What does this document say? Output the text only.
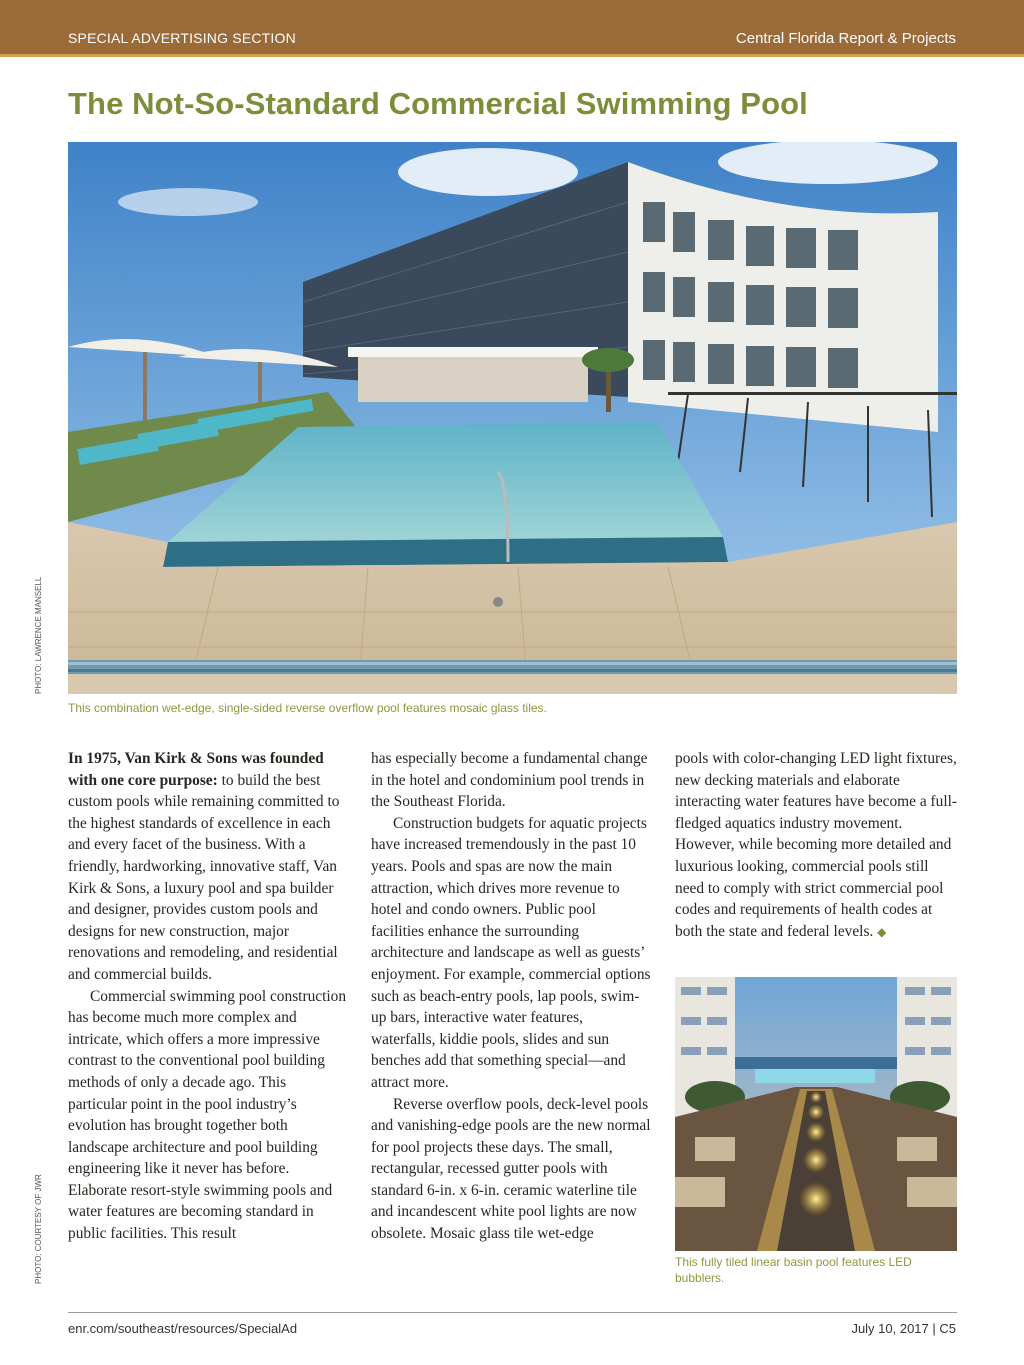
SPECIAL ADVERTISING SECTION	Central Florida Report & Projects
The Not-So-Standard Commercial Swimming Pool
PHOTO: LAWRENCE MANSELL
This combination wet-edge, single-sided reverse overflow pool features mosaic glass tiles.

In 1975, Van Kirk & Sons was founded with one core purpose: to build the best custom pools while remaining committed to the highest standards of excellence in each and every facet of the business. With a friendly, hardworking, innovative staff, Van Kirk & Sons, a luxury pool and spa builder and designer, provides custom pools and designs for new construction, major renovations and remodeling, and residential and commercial builds.

Commercial swimming pool construction has become much more complex and intricate, which offers a more impressive contrast to the conventional pool building methods of only a decade ago. This particular point in the pool industry’s evolution has brought together both landscape architecture and pool building engineering like it never has before. Elaborate resort-style swimming pools and water features are becoming standard in public facilities. This result

has especially become a fundamental change in the hotel and condominium pool trends in the Southeast Florida.

Construction budgets for aquatic projects have increased tremendously in the past 10 years. Pools and spas are now the main attraction, which drives more revenue to hotel and condo owners. Public pool facilities enhance the surrounding architecture and landscape as well as guests’ enjoyment. For example, commercial options such as beach-entry pools, lap pools, swim-up bars, interactive water features, waterfalls, kiddie pools, slides and sun benches add that something special—and attract more.

Reverse overflow pools, deck-level pools and vanishing-edge pools are the new normal for pool projects these days. The small, rectangular, recessed gutter pools with standard 6-in. x 6-in. ceramic waterline tile and incandescent white pool lights are now obsolete. Mosaic glass tile wet-edge

pools with color-changing LED light fixtures, new decking materials and elaborate interacting water features have become a full-fledged aquatics industry movement. However, while becoming more detailed and luxurious looking, commercial pools still need to comply with strict commercial pool codes and requirements of health codes at both the state and federal levels. ◆

PHOTO: COURTESY OF JWR	This fully tiled linear basin pool features LED bubblers.
enr.com/southeast/resources/SpecialAd	July 10, 2017 | C5
